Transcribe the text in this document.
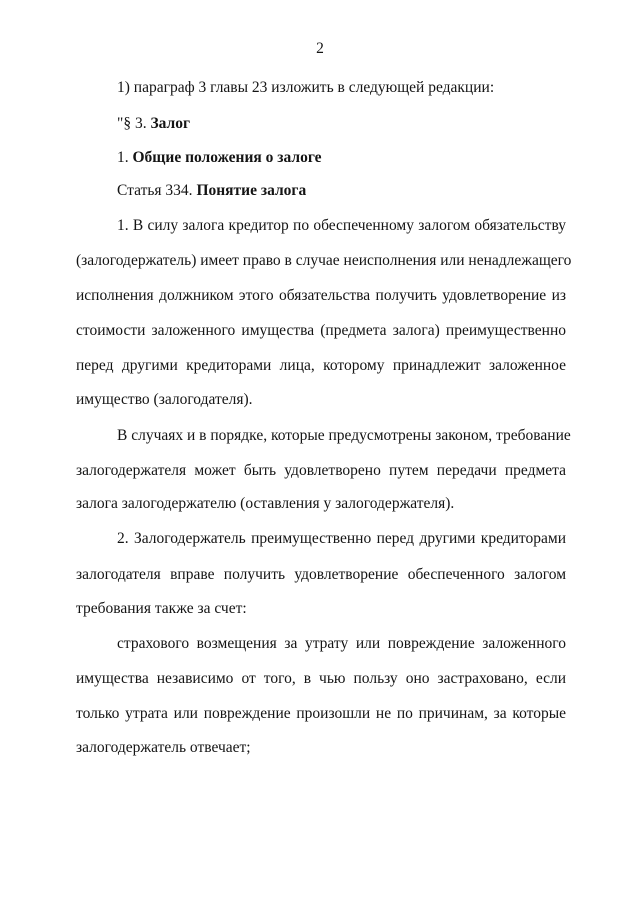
2
1) параграф 3 главы 23 изложить в следующей редакции:
"§ 3. Залог
1. Общие положения о залоге
Статья 334. Понятие залога
1. В силу залога кредитор по обеспеченному залогом обязательству
(залогодержатель) имеет право в случае неисполнения или ненадлежащего
исполнения должником этого обязательства получить удовлетворение из
стоимости заложенного имущества (предмета залога) преимущественно
перед другими кредиторами лица, которому принадлежит заложенное
имущество (залогодателя).
В случаях и в порядке, которые предусмотрены законом, требование
залогодержателя может быть удовлетворено путем передачи предмета
залога залогодержателю (оставления у залогодержателя).
2. Залогодержатель преимущественно перед другими кредиторами
залогодателя вправе получить удовлетворение обеспеченного залогом
требования также за счет:
страхового возмещения за утрату или повреждение заложенного
имущества независимо от того, в чью пользу оно застраховано, если
только утрата или повреждение произошли не по причинам, за которые
залогодержатель отвечает;
